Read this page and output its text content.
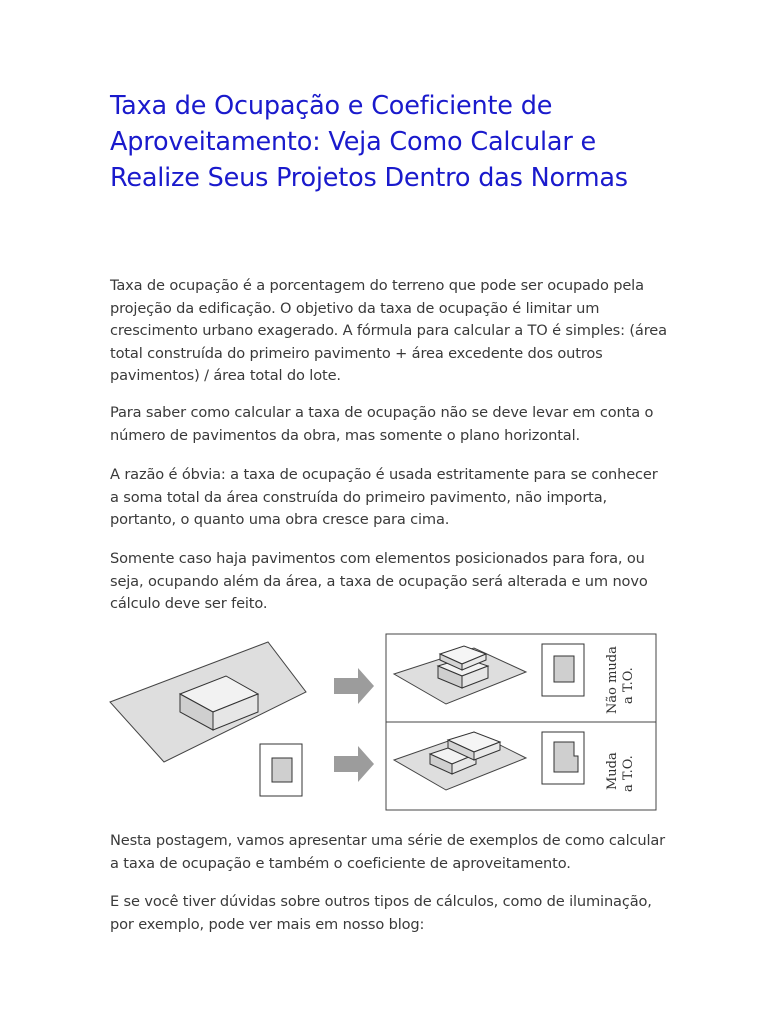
Taxa de Ocupação e Coeficiente de Aproveitamento: Veja Como Calcular e Realize Seus Projetos Dentro das Normas

Taxa de ocupação é a porcentagem do terreno que pode ser ocupado pela projeção da edificação. O objetivo da taxa de ocupação é limitar um crescimento urbano exagerado. A fórmula para calcular a TO é simples: (área total construída do primeiro pavimento + área excedente dos outros pavimentos) / área total do lote.

Para saber como calcular a taxa de ocupação não se deve levar em conta o número de pavimentos da obra, mas somente o plano horizontal.

A razão é óbvia: a taxa de ocupação é usada estritamente para se conhecer a soma total da área construída do primeiro pavimento, não importa, portanto, o quanto uma obra cresce para cima.

Somente caso haja pavimentos com elementos posicionados para fora, ou seja, ocupando além da área, a taxa de ocupação será alterada e um novo cálculo deve ser feito.

Nesta postagem, vamos apresentar uma série de exemplos de como calcular a taxa de ocupação e também o coeficiente de aproveitamento.

E se você tiver dúvidas sobre outros tipos de cálculos, como de iluminação, por exemplo, pode ver mais em nosso blog:

Não muda a T.O.
Muda a T.O.
